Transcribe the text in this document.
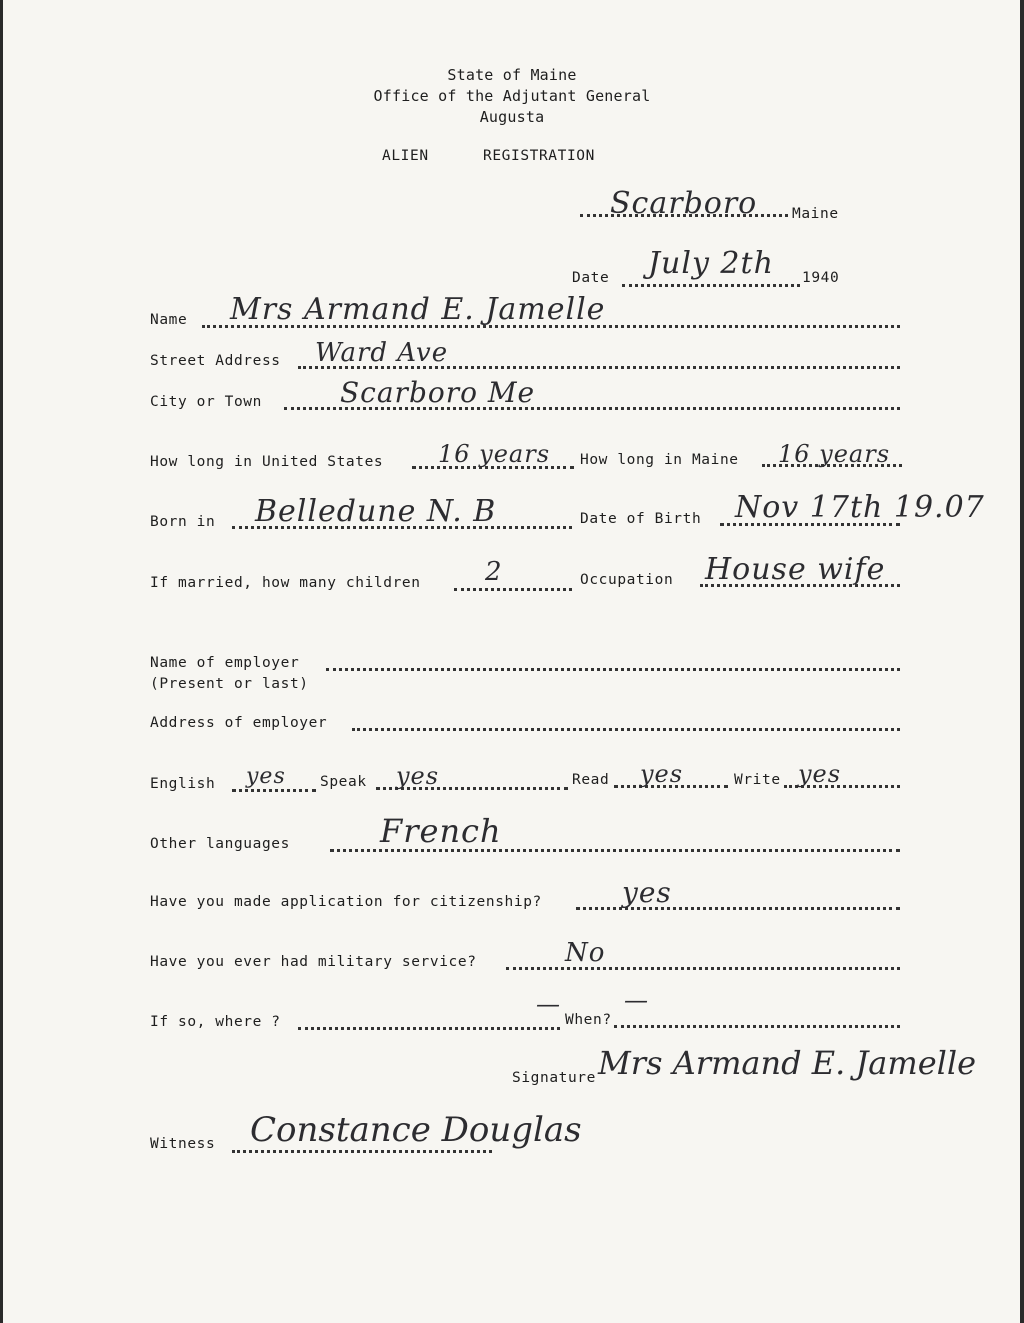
State of Maine
Office of the Adjutant General
Augusta
ALIEN	REGISTRATION
Scarboro Maine
Date July 2th 1940
Name Mrs Armand E. Jamelle
Street Address Ward Ave
City or Town	Scarboro Me
How long in United States 16 years How long in Maine 16 years
Born in Belledune N. B	Date of Birth Nov 17th 19.07
If married, how many children 2	Occupation House wife
Name of employer
(Present or last)
Address of employer
English yes Speak yes	Read yes	Write yes
Other languages	French
Have you made application for citizenship?	yes
Have you ever had military service?	No
If so, where ?
—
When?
—
Signature Mrs Armand E. Jamelle
Witness Constance Douglas
